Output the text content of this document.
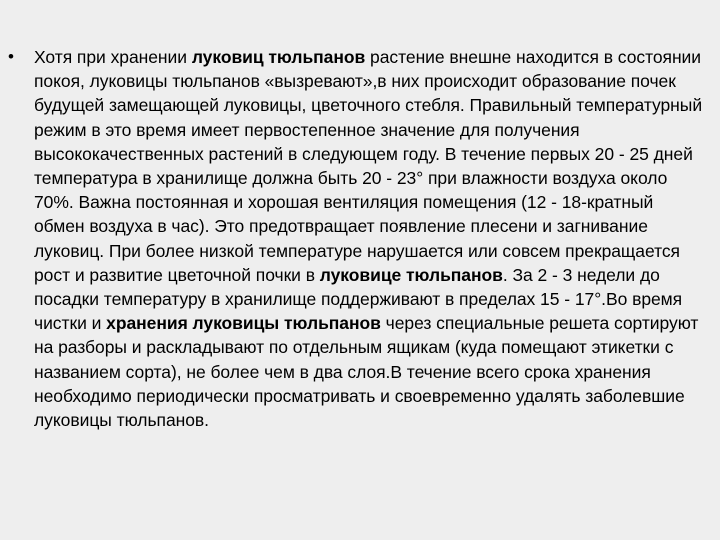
•	Хотя при хранении луковиц тюльпанов растение внешне находится в состоянии покоя, луковицы тюльпанов «вызревают»,в них происходит образование почек будущей замещающей луковицы, цветочного стебля. Правильный температурный режим в это время имеет первостепенное значение для получения высококачественных растений в следующем году. В течение первых 20 - 25 дней температура в хранилище должна быть 20 - 23° при влажности воздуха около 70%. Важна постоянная и хорошая вентиляция помещения (12 - 18-кратный обмен воздуха в час). Это предотвращает появление плесени и загнивание луковиц. При более низкой температуре нарушается или совсем прекращается рост и развитие цветочной почки в луковице тюльпанов. За 2 - 3 недели до посадки температуру в хранилище поддерживают в пределах 15 - 17°.Во время чистки и хранения луковицы тюльпанов через специальные решета сортируют на разборы и раскладывают по отдельным ящикам (куда помещают этикетки с названием сорта), не более чем в два слоя.В течение всего срока хранения необходимо периодически просматривать и своевременно удалять заболевшие луковицы тюльпанов.
